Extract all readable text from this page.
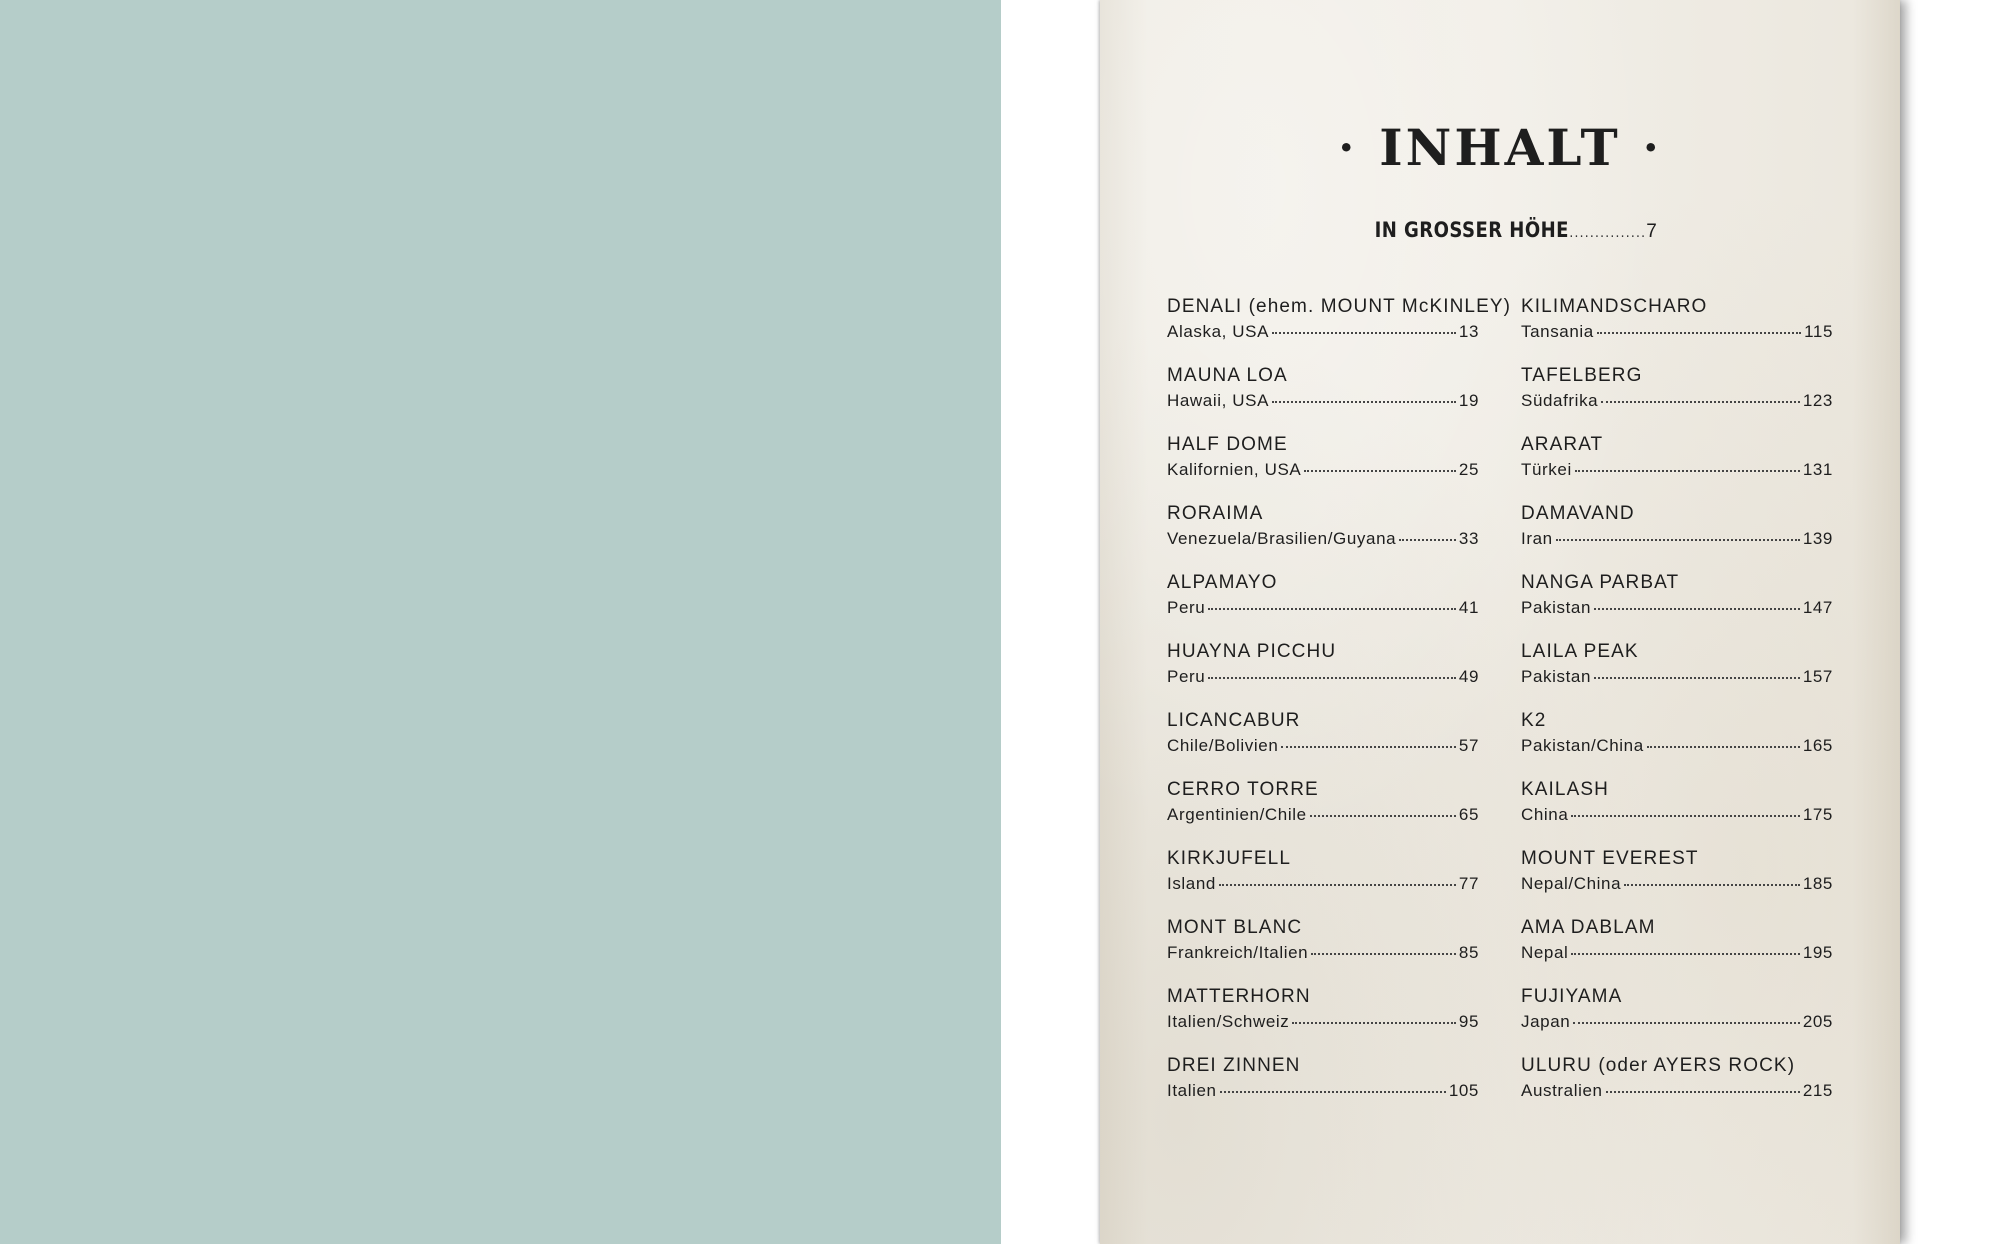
· INHALT ·
IN GROSSER HÖHE...............7
DENALI (ehem. MOUNT McKINLEY)
Alaska, USA	13
MAUNA LOA
Hawaii, USA	19
HALF DOME
Kalifornien, USA	25
RORAIMA
Venezuela/Brasilien/Guyana	33
ALPAMAYO
Peru	41
HUAYNA PICCHU
Peru	49
LICANCABUR
Chile/Bolivien	57
CERRO TORRE
Argentinien/Chile	65
KIRKJUFELL
Island	77
MONT BLANC
Frankreich/Italien	85
MATTERHORN
Italien/Schweiz	95
DREI ZINNEN
Italien	105
KILIMANDSCHARO
Tansania	115
TAFELBERG
Südafrika	123
ARARAT
Türkei	131
DAMAVAND
Iran	139
NANGA PARBAT
Pakistan	147
LAILA PEAK
Pakistan	157
K2
Pakistan/China	165
KAILASH
China	175
MOUNT EVEREST
Nepal/China	185
AMA DABLAM
Nepal	195
FUJIYAMA
Japan	205
ULURU (oder AYERS ROCK)
Australien	215
